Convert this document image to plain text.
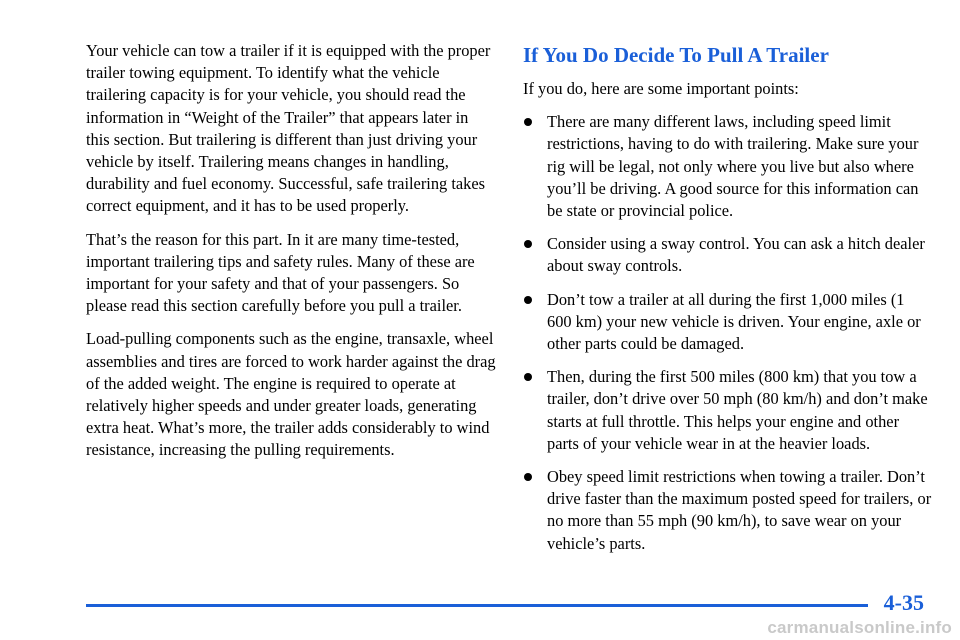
Your vehicle can tow a trailer if it is equipped with the proper trailer towing equipment. To identify what the vehicle trailering capacity is for your vehicle, you should read the information in “Weight of the Trailer” that appears later in this section. But trailering is different than just driving your vehicle by itself. Trailering means changes in handling, durability and fuel economy. Successful, safe trailering takes correct equipment, and it has to be used properly.

That’s the reason for this part. In it are many time-tested, important trailering tips and safety rules. Many of these are important for your safety and that of your passengers. So please read this section carefully before you pull a trailer.

Load-pulling components such as the engine, transaxle, wheel assemblies and tires are forced to work harder against the drag of the added weight. The engine is required to operate at relatively higher speeds and under greater loads, generating extra heat. What’s more, the trailer adds considerably to wind resistance, increasing the pulling requirements.

If You Do Decide To Pull A Trailer

If you do, here are some important points:

There are many different laws, including speed limit restrictions, having to do with trailering. Make sure your rig will be legal, not only where you live but also where you’ll be driving. A good source for this information can be state or provincial police.
Consider using a sway control. You can ask a hitch dealer about sway controls.
Don’t tow a trailer at all during the first 1,000 miles (1 600 km) your new vehicle is driven. Your engine, axle or other parts could be damaged.
Then, during the first 500 miles (800 km) that you tow a trailer, don’t drive over 50 mph (80 km/h) and don’t make starts at full throttle. This helps your engine and other parts of your vehicle wear in at the heavier loads.
Obey speed limit restrictions when towing a trailer. Don’t drive faster than the maximum posted speed for trailers, or no more than 55 mph (90 km/h), to save wear on your vehicle’s parts.
4-35
carmanualsonline.info
